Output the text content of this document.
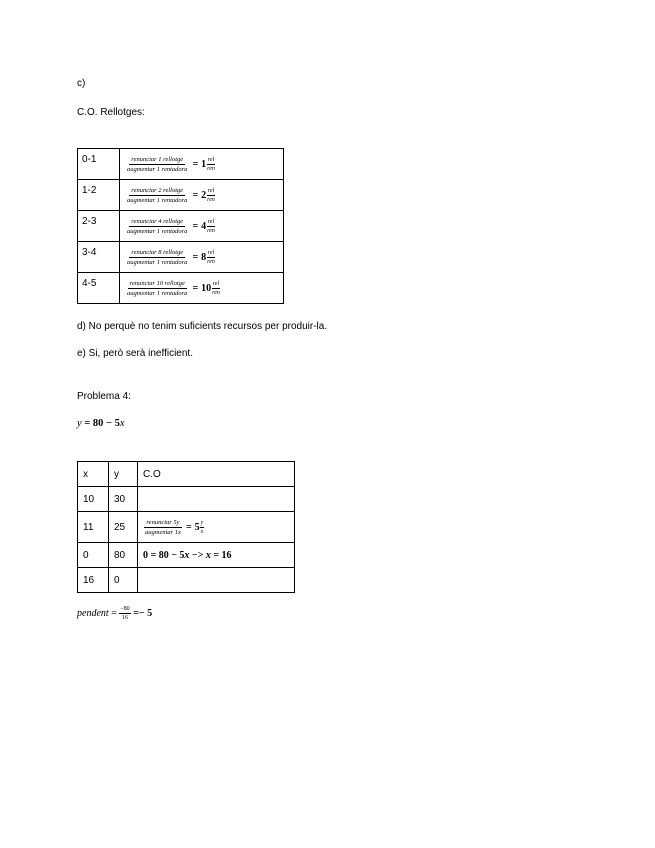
c)
C.O. Rellotges:
0-1	$\frac{\text{renunciar 1 rellotge}}{\text{augmentar 1 rentadora}} = 1 \frac{\text{rel}}{\text{ren}}$

1-2	$\frac{\text{renunciar 2 rellotge}}{\text{augmentar 1 rentadora}} = 2 \frac{\text{rel}}{\text{ren}}$

2-3	$\frac{\text{renunciar 4 rellotge}}{\text{augmentar 1 rentadora}} = 4 \frac{\text{rel}}{\text{ren}}$

3-4	$\frac{\text{renunciar 8 rellotge}}{\text{augmentar 1 rentadora}} = 8 \frac{\text{rel}}{\text{ren}}$

4-5	$\frac{\text{renunciar 10 rellotge}}{\text{augmentar 1 rentadora}} = 10 \frac{\text{rel}}{\text{ren}}$
d) No perquè no tenim suficients recursos per produir-la.
e) Si, però serà inefficient.
Problema 4:
y = 80 − 5x
x	y	C.O
10	30	
11	25	$\frac{\text{renunciar 5y}}{\text{augmentar 1x}} = 5 \frac{y}{x}$

0	80	0 = 80 − 5x −> x = 16
16	0	
pendent = $\frac{-80}{16} =- 5$
